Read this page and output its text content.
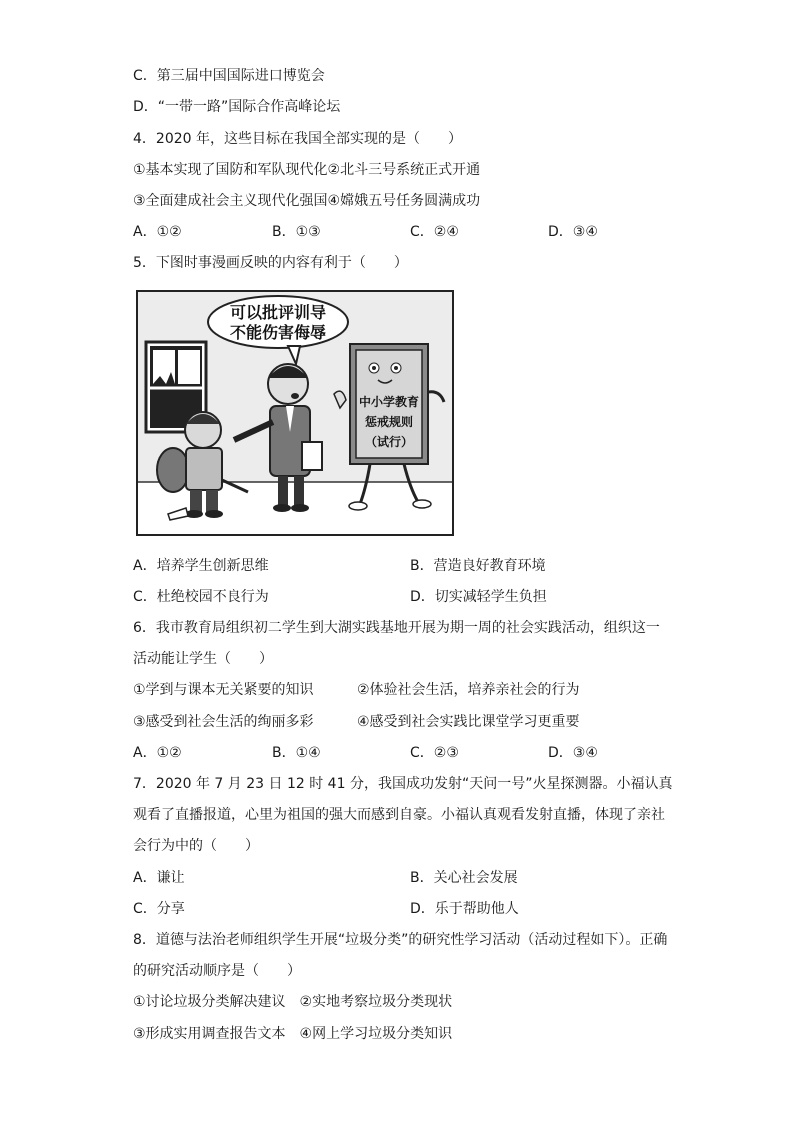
C．第三届中国国际进口博览会
D．“一带一路”国际合作高峰论坛
4．2020 年，这些目标在我国全部实现的是（　　）
①基本实现了国防和军队现代化②北斗三号系统正式开通
③全面建成社会主义现代化强国④嫦娥五号任务圆满成功
A．①②	B．①③	C．②④	D．③④
5．下图时事漫画反映的内容有利于（　　）
可以批评训导
不能伤害侮辱
中小学教育
惩戒规则
（试行）
A．培养学生创新思维	B．营造良好教育环境
C．杜绝校园不良行为	D．切实减轻学生负担
6．我市教育局组织初二学生到大湖实践基地开展为期一周的社会实践活动，组织这一
活动能让学生（　　）
①学到与课本无关紧要的知识	②体验社会生活，培养亲社会的行为
③感受到社会生活的绚丽多彩	④感受到社会实践比课堂学习更重要
A．①②	B．①④	C．②③	D．③④
7．2020 年 7 月 23 日 12 时 41 分，我国成功发射“天问一号”火星探测器。小福认真
观看了直播报道，心里为祖国的强大而感到自豪。小福认真观看发射直播，体现了亲社
会行为中的（　　）
A．谦让	B．关心社会发展
C．分享	D．乐于帮助他人
8．道德与法治老师组织学生开展“垃圾分类”的研究性学习活动（活动过程如下）。正确
的研究活动顺序是（　　）
①讨论垃圾分类解决建议　②实地考察垃圾分类现状
③形成实用调查报告文本　④网上学习垃圾分类知识
